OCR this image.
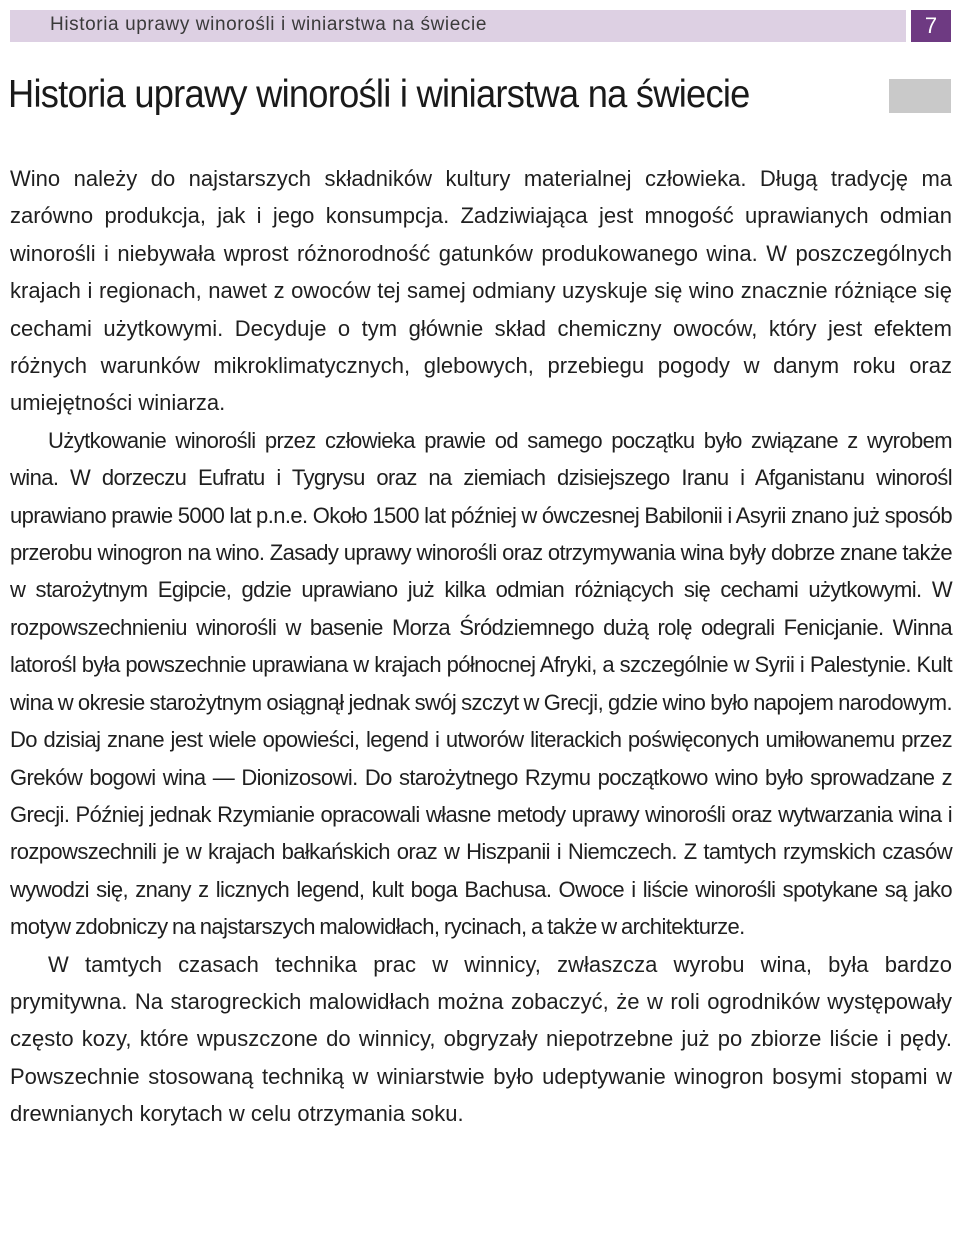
Historia uprawy winorośli i winiarstwa na świecie	7
Historia uprawy winorośli i winiarstwa na świecie

Wino należy do najstarszych składników kultury materialnej człowieka. Długą tradycję ma zarówno produkcja, jak i jego konsumpcja. Zadziwiająca jest mnogość uprawianych odmian winorośli i niebywała wprost różnorodność gatunków produkowanego wina. W poszczególnych krajach i regionach, nawet z owoców tej samej odmiany uzyskuje się wino znacznie różniące się cechami użytkowymi. Decyduje o tym głównie skład chemiczny owoców, który jest efektem różnych warunków mikroklimatycznych, glebowych, przebiegu pogody w danym roku oraz umiejętności winiarza.

Użytkowanie winorośli przez człowieka prawie od samego początku było związane z wyrobem wina. W dorzeczu Eufratu i Tygrysu oraz na ziemiach dzisiejszego Iranu i Afganistanu winorośl uprawiano prawie 5000 lat p.n.e. Około 1500 lat później w ówczesnej Babilonii i Asyrii znano już sposób przerobu winogron na wino. Zasady uprawy winorośli oraz otrzymywania wina były dobrze znane także w starożytnym Egipcie, gdzie uprawiano już kilka odmian różniących się cechami użytkowymi. W rozpowszechnieniu winorośli w basenie Morza Śródziemnego dużą rolę odegrali Fenicjanie. Winna latorośl była powszechnie uprawiana w krajach północnej Afryki, a szczególnie w Syrii i Palestynie. Kult wina w okresie starożytnym osiągnął jednak swój szczyt w Grecji, gdzie wino było napojem narodowym. Do dzisiaj znane jest wiele opowieści, legend i utworów literackich poświęconych umiłowanemu przez Greków bogowi wina — Dionizosowi. Do starożytnego Rzymu początkowo wino było sprowadzane z Grecji. Później jednak Rzymianie opracowali własne metody uprawy winorośli oraz wytwarzania wina i rozpowszechnili je w krajach bałkańskich oraz w Hiszpanii i Niemczech. Z tamtych rzymskich czasów wywodzi się, znany z licznych legend, kult boga Bachusa. Owoce i liście winorośli spotykane są jako motyw zdobniczy na najstarszych malowidłach, rycinach, a także w architekturze.

W tamtych czasach technika prac w winnicy, zwłaszcza wyrobu wina, była bardzo prymitywna. Na starogreckich malowidłach można zobaczyć, że w roli ogrodników występowały często kozy, które wpuszczone do winnicy, obgryzały niepotrzebne już po zbiorze liście i pędy. Powszechnie stosowaną techniką w winiarstwie było udeptywanie winogron bosymi stopami w drewnianych korytach w celu otrzymania soku.
